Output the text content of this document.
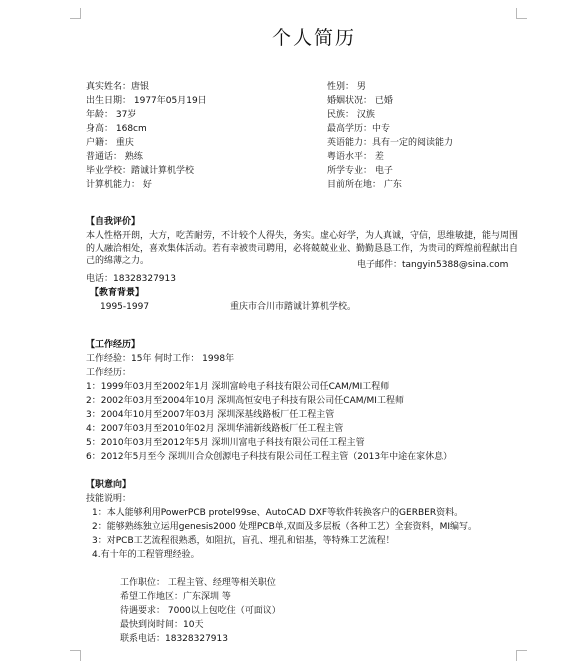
个人简历
真实姓名：唐银
出生日期： 1977年05月19日
年龄： 37岁
身高： 168cm
户籍： 重庆
普通话： 熟练
毕业学校：踏诚计算机学校
计算机能力： 好
性别： 男
婚姻状况： 已婚
民族： 汉族
最高学历：中专
英语能力：具有一定的阅读能力
粤语水平： 差
所学专业： 电子
目前所在地： 广东
【自我评价】
本人性格开朗，大方，吃苦耐劳，不计较个人得失，务实。虚心好学，为人真诚，守信，思维敏捷，能与周围的人融洽相处，喜欢集体活动。若有幸被贵司聘用，必将兢兢业业、勤勤恳恳工作，为贵司的辉煌前程献出自己的绵薄之力。	电子邮件：tangyin5388@sina.com
电话：18328327913
【教育背景】
1995-1997	重庆市合川市踏诚计算机学校。
【工作经历】
工作经验：15年 何时工作： 1998年
工作经历：
1：1999年03月至2002年1月 深圳富岭电子科技有限公司任CAM/MI工程师
2：2002年03月至2004年10月 深圳高恒安电子科技有限公司任CAM/MI工程师
3：2004年10月至2007年03月 深圳深基线路板厂任工程主管
4：2007年03月至2010年02月 深圳华浦新线路板厂任工程主管
5：2010年03月至2012年5月 深圳川富电子科技有限公司任工程主管
6：2012年5月至今 深圳川合众创源电子科技有限公司任工程主管（2013年中途在家休息）
【职意向】
技能说明：
1：本人能够利用PowerPCB protel99se、AutoCAD DXF等软件转换客户的GERBER资料。
2：能够熟练独立运用genesis2000 处理PCB单,双面及多层板（各种工艺）全套资料，MI编写。
3：对PCB工艺流程很熟悉，如阻抗，盲孔、埋孔和铝基，等特殊工艺流程！
4.有十年的工程管理经验。
工作职位： 工程主管、经理等相关职位
希望工作地区：广东深圳 等
待遇要求： 7000以上包吃住（可面议）
最快到岗时间：10天
联系电话：18328327913
